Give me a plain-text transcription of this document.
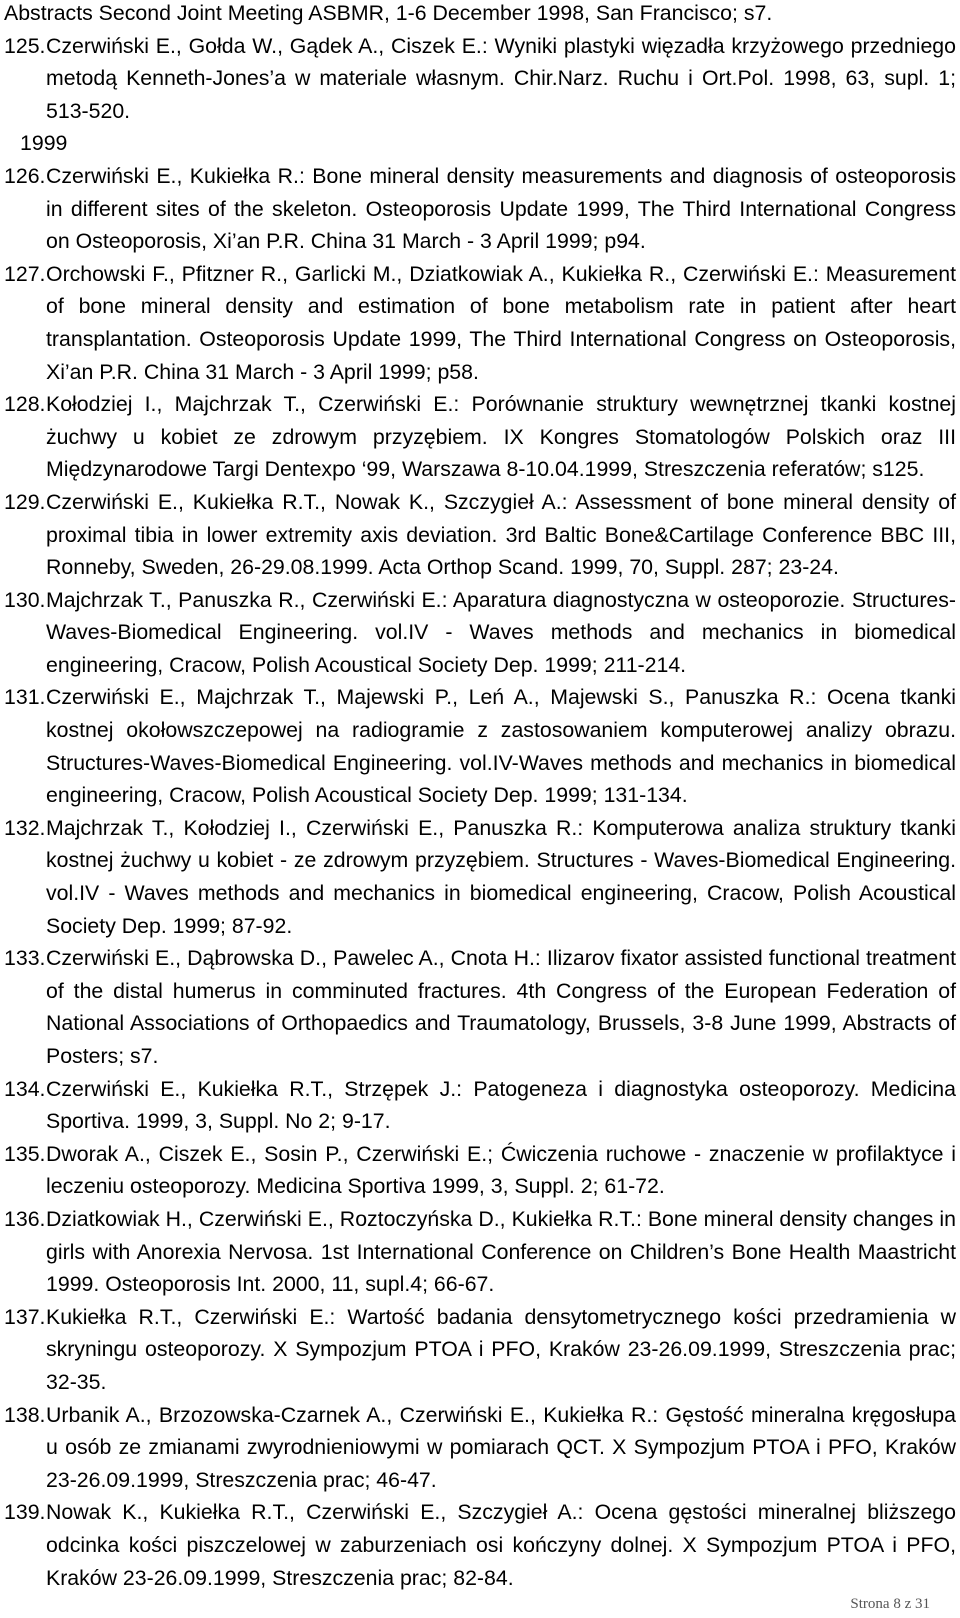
Abstracts Second Joint Meeting ASBMR, 1-6 December 1998, San Francisco; s7.
125. Czerwiński E., Gołda W., Gądek A., Ciszek E.: Wyniki plastyki więzadła krzyżowego przedniego metodą Kenneth-Jones’a w materiale własnym. Chir.Narz. Ruchu i Ort.Pol. 1998, 63, supl. 1; 513-520.
1999
126. Czerwiński E., Kukiełka R.: Bone mineral density measurements and diagnosis of osteoporosis in different sites of the skeleton. Osteoporosis Update 1999, The Third International Congress on Osteoporosis, Xi’an P.R. China 31 March - 3 April 1999; p94.
127. Orchowski F., Pfitzner R., Garlicki M., Dziatkowiak A., Kukiełka R., Czerwiński E.: Measurement of bone mineral density and estimation of bone metabolism rate in patient after heart transplantation. Osteoporosis Update 1999, The Third International Congress on Osteoporosis, Xi’an P.R. China 31 March - 3 April 1999; p58.
128. Kołodziej I., Majchrzak T., Czerwiński E.: Porównanie struktury wewnętrznej tkanki kostnej żuchwy u kobiet ze zdrowym przyzębiem. IX Kongres Stomatologów Polskich oraz III Międzynarodowe Targi Dentexpo ‘99, Warszawa 8-10.04.1999, Streszczenia referatów; s125.
129. Czerwiński E., Kukiełka R.T., Nowak K., Szczygieł A.: Assessment of bone mineral density of proximal tibia in lower extremity axis deviation. 3rd Baltic Bone&Cartilage Conference BBC III, Ronneby, Sweden, 26-29.08.1999. Acta Orthop Scand. 1999, 70, Suppl. 287; 23-24.
130. Majchrzak T., Panuszka R., Czerwiński E.: Aparatura diagnostyczna w osteoporozie. Structures-Waves-Biomedical Engineering. vol.IV - Waves methods and mechanics in biomedical engineering, Cracow, Polish Acoustical Society Dep. 1999; 211-214.
131. Czerwiński E., Majchrzak T., Majewski P., Leń A., Majewski S., Panuszka R.: Ocena tkanki kostnej okołowszczepowej na radiogramie z zastosowaniem komputerowej analizy obrazu. Structures-Waves-Biomedical Engineering. vol.IV-Waves methods and mechanics in biomedical engineering, Cracow, Polish Acoustical Society Dep. 1999; 131-134.
132. Majchrzak T., Kołodziej I., Czerwiński E., Panuszka R.: Komputerowa analiza struktury tkanki kostnej żuchwy u kobiet - ze zdrowym przyzębiem. Structures - Waves-Biomedical Engineering. vol.IV - Waves methods and mechanics in biomedical engineering, Cracow, Polish Acoustical Society Dep. 1999; 87-92.
133. Czerwiński E., Dąbrowska D., Pawelec A., Cnota H.: Ilizarov fixator assisted functional treatment of the distal humerus in comminuted fractures. 4th Congress of the European Federation of National Associations of Orthopaedics and Traumatology, Brussels, 3-8 June 1999, Abstracts of Posters; s7.
134. Czerwiński E., Kukiełka R.T., Strzępek J.: Patogeneza i diagnostyka osteoporozy. Medicina Sportiva. 1999, 3, Suppl. No 2; 9-17.
135. Dworak A., Ciszek E., Sosin P., Czerwiński E.; Ćwiczenia ruchowe - znaczenie w profilaktyce i leczeniu osteoporozy. Medicina Sportiva 1999, 3, Suppl. 2; 61-72.
136. Dziatkowiak H., Czerwiński E., Roztoczyńska D., Kukiełka R.T.: Bone mineral density changes in girls with Anorexia Nervosa. 1st International Conference on Children’s Bone Health Maastricht 1999. Osteoporosis Int. 2000, 11, supl.4; 66-67.
137. Kukiełka R.T., Czerwiński E.: Wartość badania densytometrycznego kości przedramienia w skryningu osteoporozy. X Sympozjum PTOA i PFO, Kraków 23-26.09.1999, Streszczenia prac; 32-35.
138. Urbanik A., Brzozowska-Czarnek A., Czerwiński E., Kukiełka R.: Gęstość mineralna kręgosłupa u osób ze zmianami zwyrodnieniowymi w pomiarach QCT. X Sympozjum PTOA i PFO, Kraków 23-26.09.1999, Streszczenia prac; 46-47.
139. Nowak K., Kukiełka R.T., Czerwiński E., Szczygieł A.: Ocena gęstości mineralnej bliższego odcinka kości piszczelowej w zaburzeniach osi kończyny dolnej. X Sympozjum PTOA i PFO, Kraków 23-26.09.1999, Streszczenia prac; 82-84.
Strona 8 z 31
